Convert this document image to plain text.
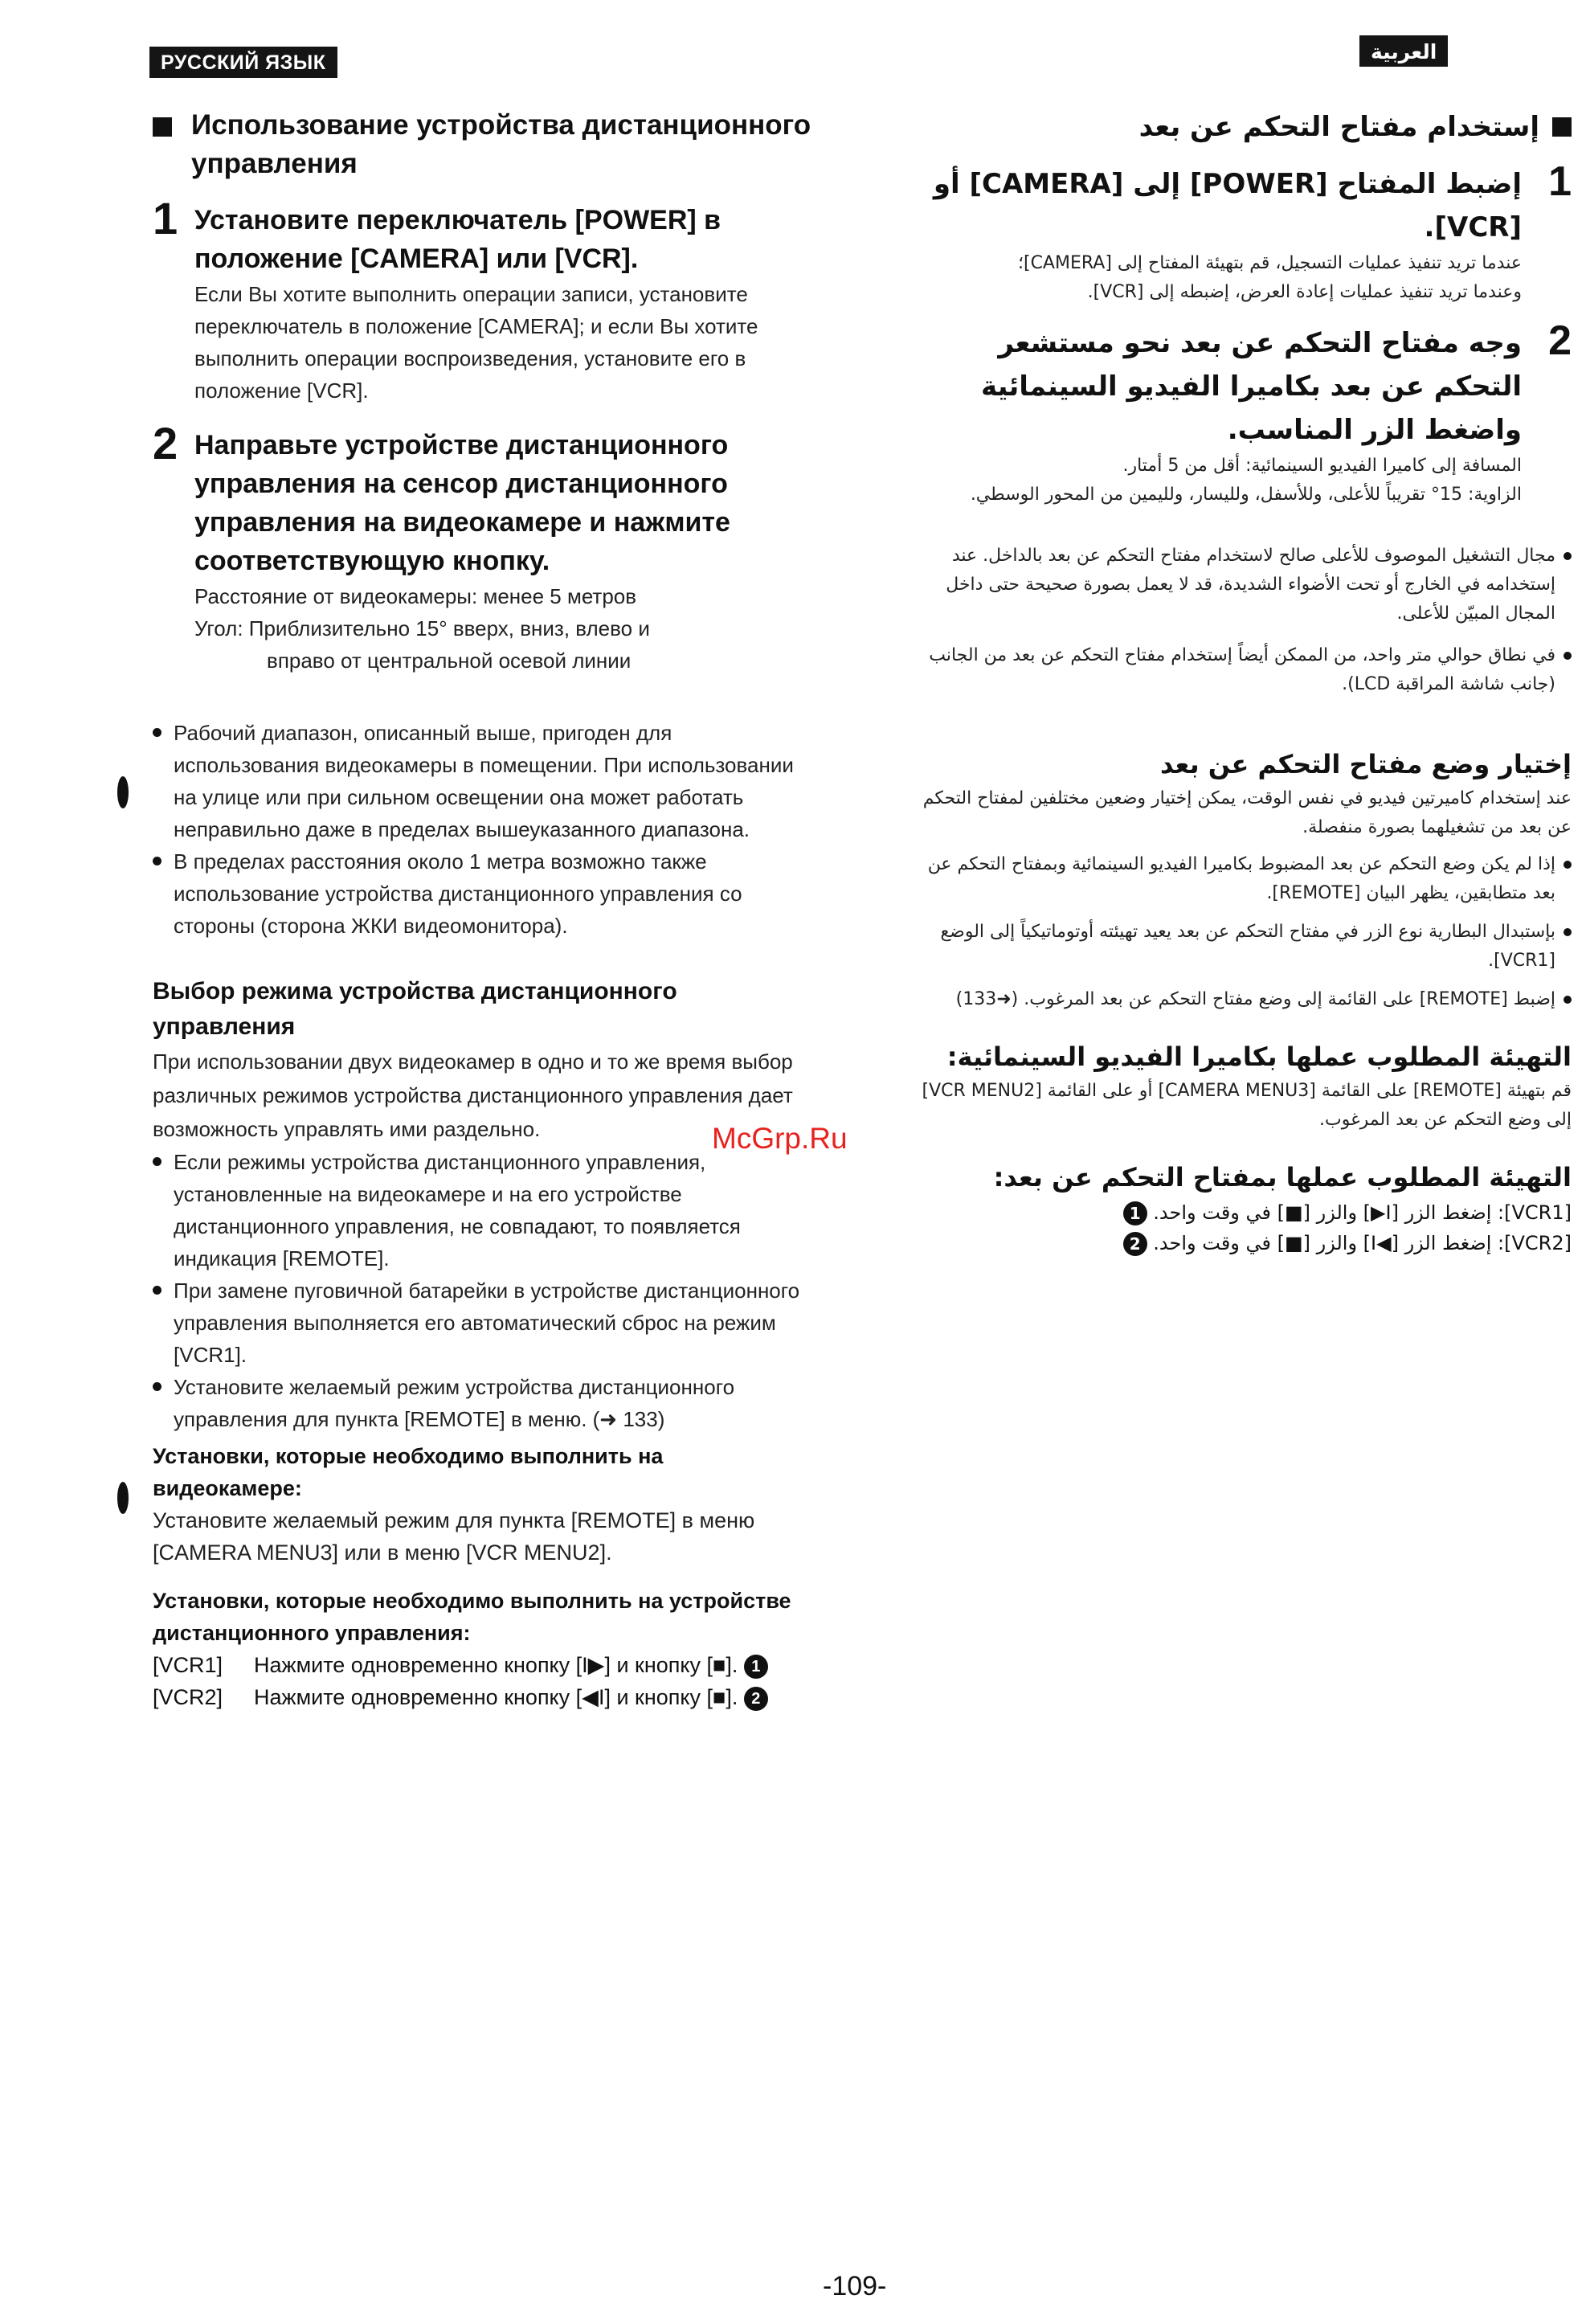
РУССКИЙ ЯЗЫК	العربية
Использование устройства дистанционного управления
1 Установите переключатель [POWER] в положение [CAMERA] или [VCR].
Если Вы хотите выполнить операции записи, установите переключатель в положение [CAMERA]; и если Вы хотите выполнить операции воспроизведения, установите его в положение [VCR].
2 Направьте устройстве дистанционного управления на сенсор дистанционного управления на видеокамере и нажмите соответствующую кнопку.
Расстояние от видеокамеры: менее 5 метров
Угол: Приблизительно 15° вверх, вниз, влево и
вправо от центральной осевой линии
Рабочий диапазон, описанный выше, пригоден для использования видеокамеры в помещении. При использовании на улице или при сильном освещении она может работать неправильно даже в пределах вышеуказанного диапазона.
В пределах расстояния около 1 метра возможно также использование устройства дистанционного управления со стороны (сторона ЖКИ видеомонитора).
Выбор режима устройства дистанционного управления
При использовании двух видеокамер в одно и то же время выбор различных режимов устройства дистанционного управления дает возможность управлять ими раздельно.
Если режимы устройства дистанционного управления, установленные на видеокамере и на его устройстве дистанционного управления, не совпадают, то появляется индикация [REMOTE].
При замене пуговичной батарейки в устройстве дистанционного управления выполняется его автоматический сброс на режим [VCR1].
Установите желаемый режим устройства дистанционного управления для пункта [REMOTE] в меню. (➜ 133)
Установки, которые необходимо выполнить на видеокамере:
Установите желаемый режим для пункта [REMOTE] в меню [CAMERA MENU3] или в меню [VCR MENU2].
Установки, которые необходимо выполнить на устройстве дистанционного управления:
[VCR1] Нажмите одновременно кнопку [I▶] и кнопку [■]. 1
[VCR2] Нажмите одновременно кнопку [◀I] и кнопку [■]. 2
إستخدام مفتاح التحكم عن بعد
1
إضبط المفتاح [POWER] إلى [CAMERA] أو [VCR].
عندما تريد تنفيذ عمليات التسجيل، قم بتهيئة المفتاح إلى [CAMERA]؛
وعندما تريد تنفيذ عمليات إعادة العرض، إضبطه إلى [VCR].
2
وجه مفتاح التحكم عن بعد نحو مستشعر التحكم عن بعد بكاميرا الفيديو السينمائية واضغط الزر المناسب.
المسافة إلى كاميرا الفيديو السينمائية: أقل من 5 أمتار.
الزاوية: 15° تقريباً للأعلى، وللأسفل، ولليسار، ولليمين من المحور الوسطي.
مجال التشغيل الموصوف للأعلى صالح لاستخدام مفتاح التحكم عن بعد بالداخل. عند إستخدامه في الخارج أو تحت الأضواء الشديدة، قد لا يعمل بصورة صحيحة حتى داخل المجال المبيّن للأعلى.
في نطاق حوالي متر واحد، من الممكن أيضاً إستخدام مفتاح التحكم عن بعد من الجانب (جانب شاشة المراقبة LCD).
إختيار وضع مفتاح التحكم عن بعد
عند إستخدام كاميرتين فيديو في نفس الوقت، يمكن إختيار وضعين مختلفين لمفتاح التحكم عن بعد من تشغيلهما بصورة منفصلة.
إذا لم يكن وضع التحكم عن بعد المضبوط بكاميرا الفيديو السينمائية وبمفتاح التحكم عن بعد متطابقين، يظهر البيان [REMOTE].
بإستبدال البطارية نوع الزر في مفتاح التحكم عن بعد يعيد تهيئته أوتوماتيكياً إلى الوضع [VCR1].
إضبط [REMOTE] على القائمة إلى وضع مفتاح التحكم عن بعد المرغوب. (➜133)
التهيئة المطلوب عملها بكاميرا الفيديو السينمائية:
قم بتهيئة [REMOTE] على القائمة [CAMERA MENU3] أو على القائمة [VCR MENU2] إلى وضع التحكم عن بعد المرغوب.
التهيئة المطلوب عملها بمفتاح التحكم عن بعد:
[VCR1]: إضغط الزر [I▶] والزر [■] في وقت واحد. 1
[VCR2]: إضغط الزر [◀I] والزر [■] في وقت واحد. 2
McGrp.Ru
-109-
